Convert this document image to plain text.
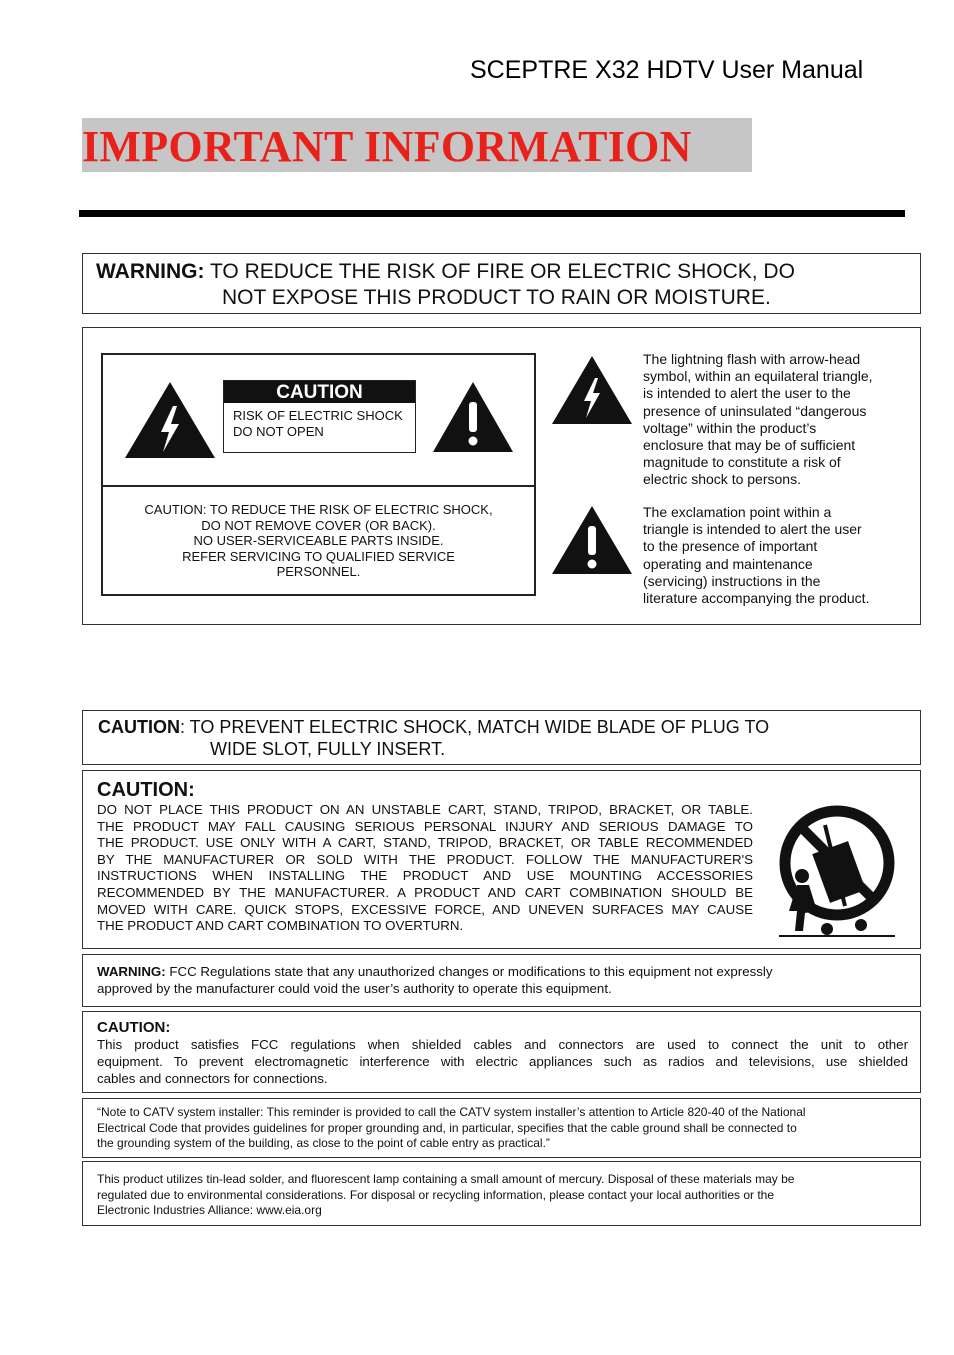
SCEPTRE X32 HDTV User Manual
IMPORTANT INFORMATION
WARNING: TO REDUCE THE RISK OF FIRE OR ELECTRIC SHOCK, DO
NOT EXPOSE THIS PRODUCT TO RAIN OR MOISTURE.
CAUTION
RISK OF ELECTRIC SHOCK
DO NOT OPEN
CAUTION: TO REDUCE THE RISK OF ELECTRIC SHOCK,
DO NOT REMOVE COVER (OR BACK).
NO USER-SERVICEABLE PARTS INSIDE.
REFER SERVICING TO QUALIFIED SERVICE
PERSONNEL.
The lightning flash with arrow-head
symbol, within an equilateral triangle,
is intended to alert the user to the
presence of uninsulated “dangerous
voltage” within the product’s
enclosure that may be of sufficient
magnitude to constitute a risk of
electric shock to persons.
The exclamation point within a
triangle is intended to alert the user
to the presence of important
operating and maintenance
(servicing) instructions in the
literature accompanying the product.
CAUTION: TO PREVENT ELECTRIC SHOCK, MATCH WIDE BLADE OF PLUG TO
WIDE SLOT, FULLY INSERT.
CAUTION:
DO NOT PLACE THIS PRODUCT ON AN UNSTABLE CART, STAND, TRIPOD, BRACKET, OR TABLE.
THE PRODUCT MAY FALL CAUSING SERIOUS PERSONAL INJURY AND SERIOUS DAMAGE TO
THE PRODUCT. USE ONLY WITH A CART, STAND, TRIPOD, BRACKET, OR TABLE RECOMMENDED
BY THE MANUFACTURER OR SOLD WITH THE PRODUCT. FOLLOW THE MANUFACTURER'S
INSTRUCTIONS WHEN INSTALLING THE PRODUCT AND USE MOUNTING ACCESSORIES
RECOMMENDED BY THE MANUFACTURER. A PRODUCT AND CART COMBINATION SHOULD BE
MOVED WITH CARE. QUICK STOPS, EXCESSIVE FORCE, AND UNEVEN SURFACES MAY CAUSE
THE PRODUCT AND CART COMBINATION TO OVERTURN.
WARNING: FCC Regulations state that any unauthorized changes or modifications to this equipment not expressly
approved by the manufacturer could void the user’s authority to operate this equipment.
CAUTION:
This product satisfies FCC regulations when shielded cables and connectors are used to connect the unit to other
equipment. To prevent electromagnetic interference with electric appliances such as radios and televisions, use shielded
cables and connectors for connections.
“Note to CATV system installer: This reminder is provided to call the CATV system installer’s attention to Article 820-40 of the National
Electrical Code that provides guidelines for proper grounding and, in particular, specifies that the cable ground shall be connected to
the grounding system of the building, as close to the point of cable entry as practical.”
This product utilizes tin-lead solder, and fluorescent lamp containing a small amount of mercury. Disposal of these materials may be
regulated due to environmental considerations. For disposal or recycling information, please contact your local authorities or the
Electronic Industries Alliance: www.eia.org
